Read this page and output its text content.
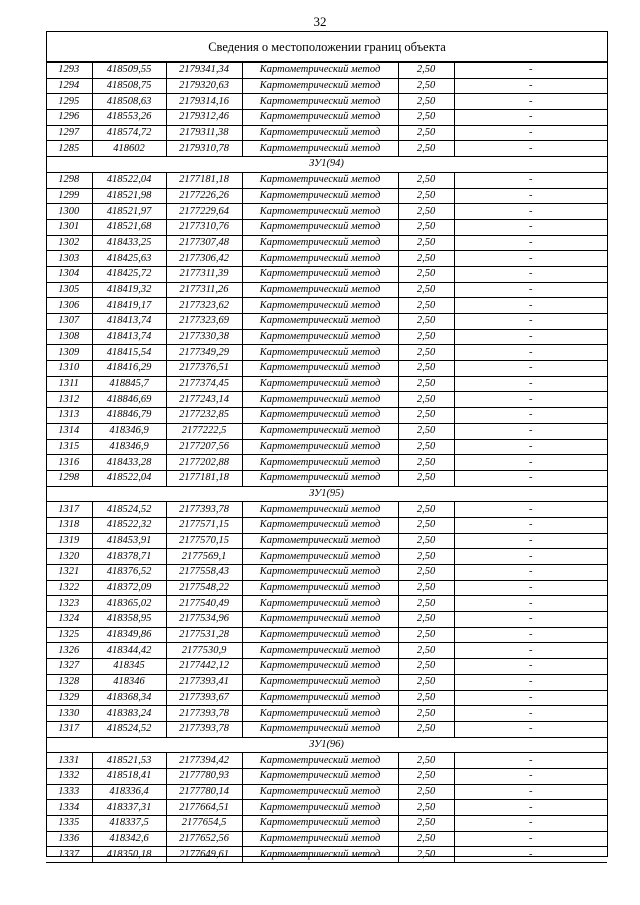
32
Сведения о местоположении границ объекта
1293	418509,55	2179341,34	Картометрический метод	2,50	-
1294	418508,75	2179320,63	Картометрический метод	2,50	-
1295	418508,63	2179314,16	Картометрический метод	2,50	-
1296	418553,26	2179312,46	Картометрический метод	2,50	-
1297	418574,72	2179311,38	Картометрический метод	2,50	-
1285	418602	2179310,78	Картометрический метод	2,50	-
ЗУ1(94)					
1298	418522,04	2177181,18	Картометрический метод	2,50	-
1299	418521,98	2177226,26	Картометрический метод	2,50	-
1300	418521,97	2177229,64	Картометрический метод	2,50	-
1301	418521,68	2177310,76	Картометрический метод	2,50	-
1302	418433,25	2177307,48	Картометрический метод	2,50	-
1303	418425,63	2177306,42	Картометрический метод	2,50	-
1304	418425,72	2177311,39	Картометрический метод	2,50	-
1305	418419,32	2177311,26	Картометрический метод	2,50	-
1306	418419,17	2177323,62	Картометрический метод	2,50	-
1307	418413,74	2177323,69	Картометрический метод	2,50	-
1308	418413,74	2177330,38	Картометрический метод	2,50	-
1309	418415,54	2177349,29	Картометрический метод	2,50	-
1310	418416,29	2177376,51	Картометрический метод	2,50	-
1311	418845,7	2177374,45	Картометрический метод	2,50	-
1312	418846,69	2177243,14	Картометрический метод	2,50	-
1313	418846,79	2177232,85	Картометрический метод	2,50	-
1314	418346,9	2177222,5	Картометрический метод	2,50	-
1315	418346,9	2177207,56	Картометрический метод	2,50	-
1316	418433,28	2177202,88	Картометрический метод	2,50	-
1298	418522,04	2177181,18	Картометрический метод	2,50	-
ЗУ1(95)					
1317	418524,52	2177393,78	Картометрический метод	2,50	-
1318	418522,32	2177571,15	Картометрический метод	2,50	-
1319	418453,91	2177570,15	Картометрический метод	2,50	-
1320	418378,71	2177569,1	Картометрический метод	2,50	-
1321	418376,52	2177558,43	Картометрический метод	2,50	-
1322	418372,09	2177548,22	Картометрический метод	2,50	-
1323	418365,02	2177540,49	Картометрический метод	2,50	-
1324	418358,95	2177534,96	Картометрический метод	2,50	-
1325	418349,86	2177531,28	Картометрический метод	2,50	-
1326	418344,42	2177530,9	Картометрический метод	2,50	-
1327	418345	2177442,12	Картометрический метод	2,50	-
1328	418346	2177393,41	Картометрический метод	2,50	-
1329	418368,34	2177393,67	Картометрический метод	2,50	-
1330	418383,24	2177393,78	Картометрический метод	2,50	-
1317	418524,52	2177393,78	Картометрический метод	2,50	-
ЗУ1(96)					
1331	418521,53	2177394,42	Картометрический метод	2,50	-
1332	418518,41	2177780,93	Картометрический метод	2,50	-
1333	418336,4	2177780,14	Картометрический метод	2,50	-
1334	418337,31	2177664,51	Картометрический метод	2,50	-
1335	418337,5	2177654,5	Картометрический метод	2,50	-
1336	418342,6	2177652,56	Картометрический метод	2,50	-
1337	418350,18	2177649,61	Картометрический метод	2,50	-
